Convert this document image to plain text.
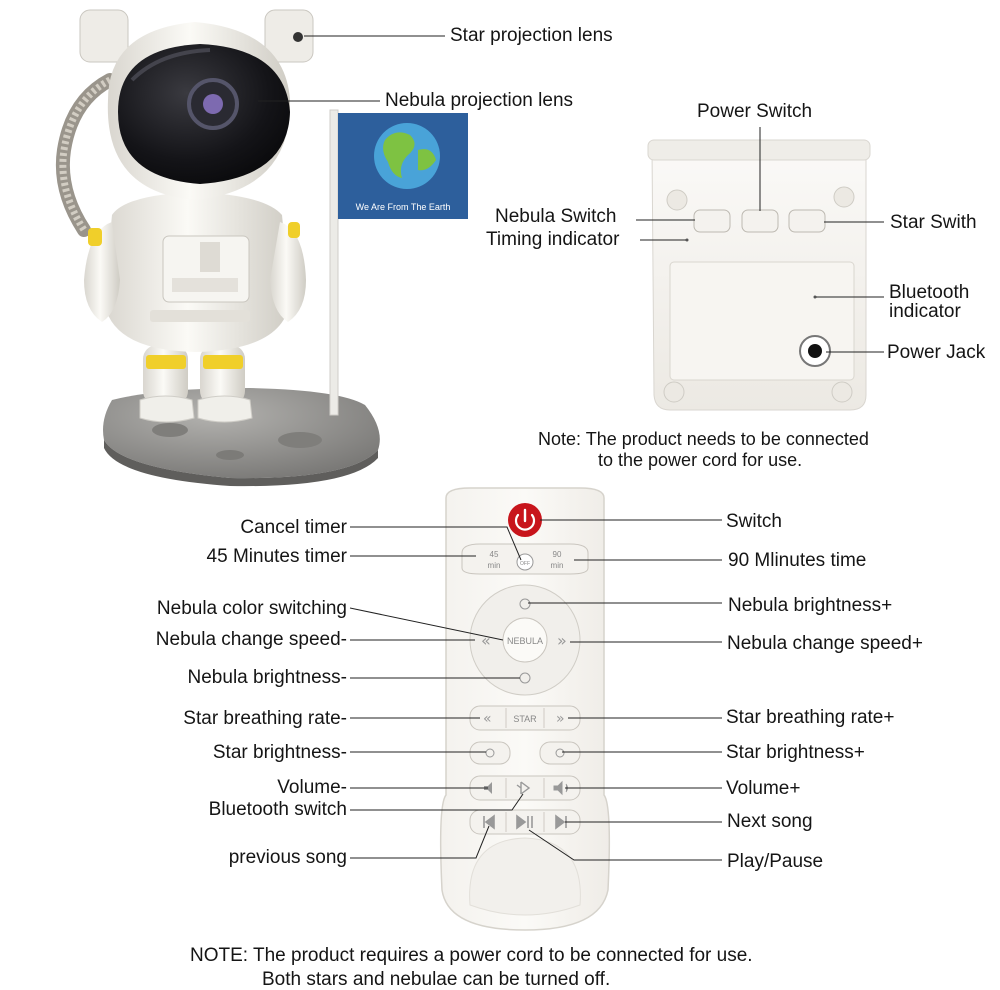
«	»
«	»
We Are From The Earth
45
min	OFF
90
min
NEBULA
STAR
Star projection lens
Nebula projection lens
Power Switch
Nebula Switch
Timing indicator
Star Swith
Bluetooth
indicator
Power Jack
Note: The product needs to be connected
to the power cord for use.
Cancel timer
45 Minutes timer
Nebula color switching
Nebula change speed-
Nebula brightness-
Star breathing rate-
Star brightness-
Volume-
Bluetooth switch
previous song
Switch
90 Mlinutes time
Nebula brightness+
Nebula change speed+
Star breathing rate+
Star brightness+
Volume+
Next song
Play/Pause
NOTE: The product requires a power cord to be connected for use.
Both stars and nebulae can be turned off.
